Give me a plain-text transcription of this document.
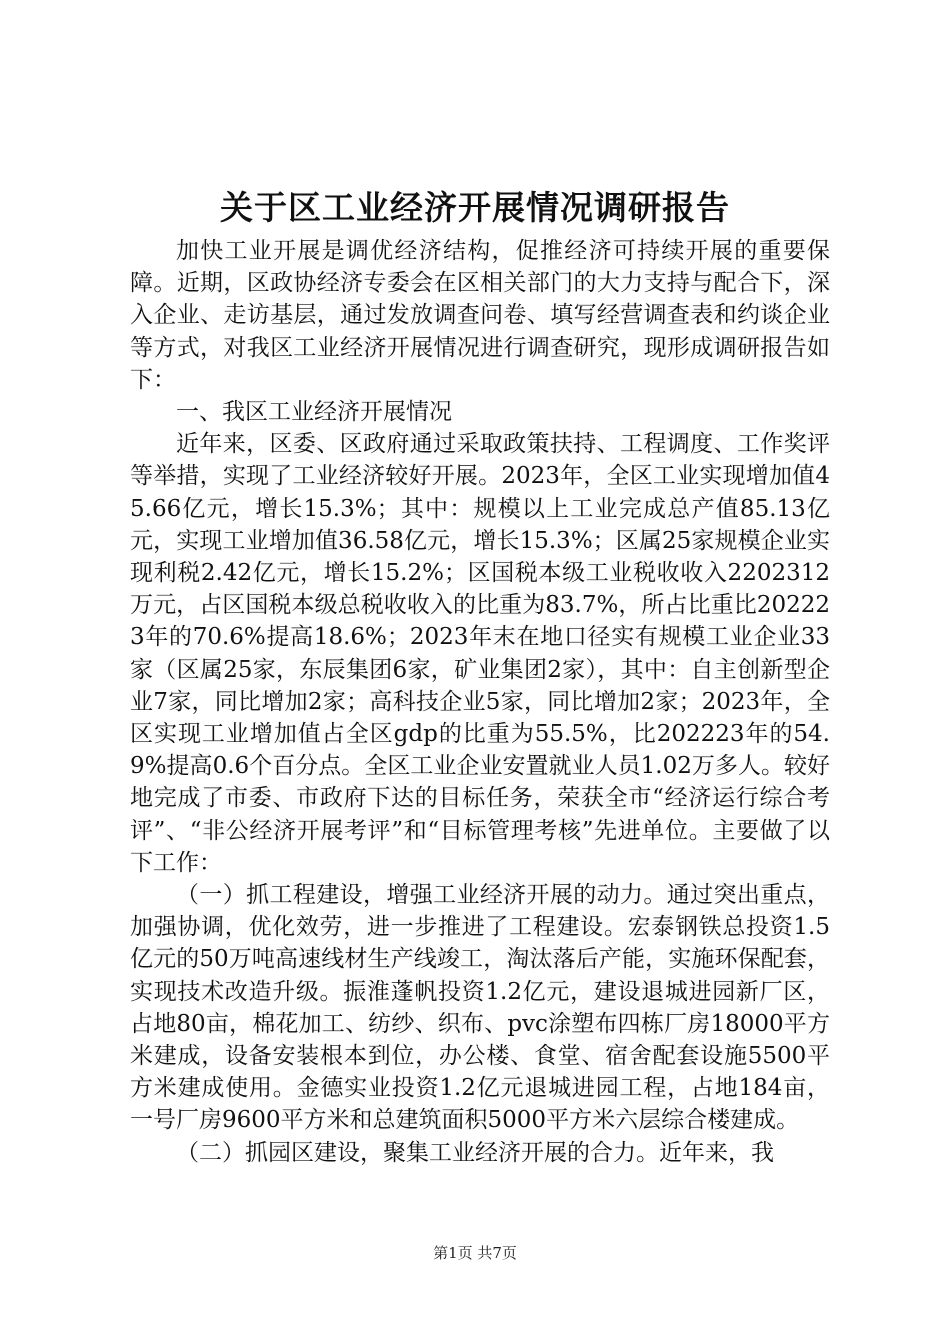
关于区工业经济开展情况调研报告

加快工业开展是调优经济结构，促推经济可持续开展的重要保障。近期，区政协经济专委会在区相关部门的大力支持与配合下，深入企业、走访基层，通过发放调查问卷、填写经营调查表和约谈企业等方式，对我区工业经济开展情况进行调查研究，现形成调研报告如下：

一、我区工业经济开展情况

近年来，区委、区政府通过采取政策扶持、工程调度、工作奖评等举措，实现了工业经济较好开展。2023年，全区工业实现增加值45.66亿元，增长15.3%；其中：规模以上工业完成总产值85.13亿元，实现工业增加值36.58亿元，增长15.3%；区属25家规模企业实现利税2.42亿元，增长15.2%；区国税本级工业税收收入2202312万元，占区国税本级总税收收入的比重为83.7%，所占比重比202223年的70.6%提高18.6%；2023年末在地口径实有规模工业企业33家（区属25家，东辰集团6家，矿业集团2家），其中：自主创新型企业7家，同比增加2家；高科技企业5家，同比增加2家；2023年，全区实现工业增加值占全区gdp的比重为55.5%，比202223年的54.9%提高0.6个百分点。全区工业企业安置就业人员1.02万多人。较好地完成了市委、市政府下达的目标任务，荣获全市“经济运行综合考评”、“非公经济开展考评”和“目标管理考核”先进单位。主要做了以下工作：

（一）抓工程建设，增强工业经济开展的动力。通过突出重点，加强协调，优化效劳，进一步推进了工程建设。宏泰钢铁总投资1.5亿元的50万吨高速线材生产线竣工，淘汰落后产能，实施环保配套，实现技术改造升级。振淮蓬帆投资1.2亿元，建设退城进园新厂区，占地80亩，棉花加工、纺纱、织布、pvc涂塑布四栋厂房18000平方米建成，设备安装根本到位，办公楼、食堂、宿舍配套设施5500平方米建成使用。金德实业投资1.2亿元退城进园工程，占地184亩，一号厂房9600平方米和总建筑面积5000平方米六层综合楼建成。

（二）抓园区建设，聚集工业经济开展的合力。近年来，我

第1页 共7页
